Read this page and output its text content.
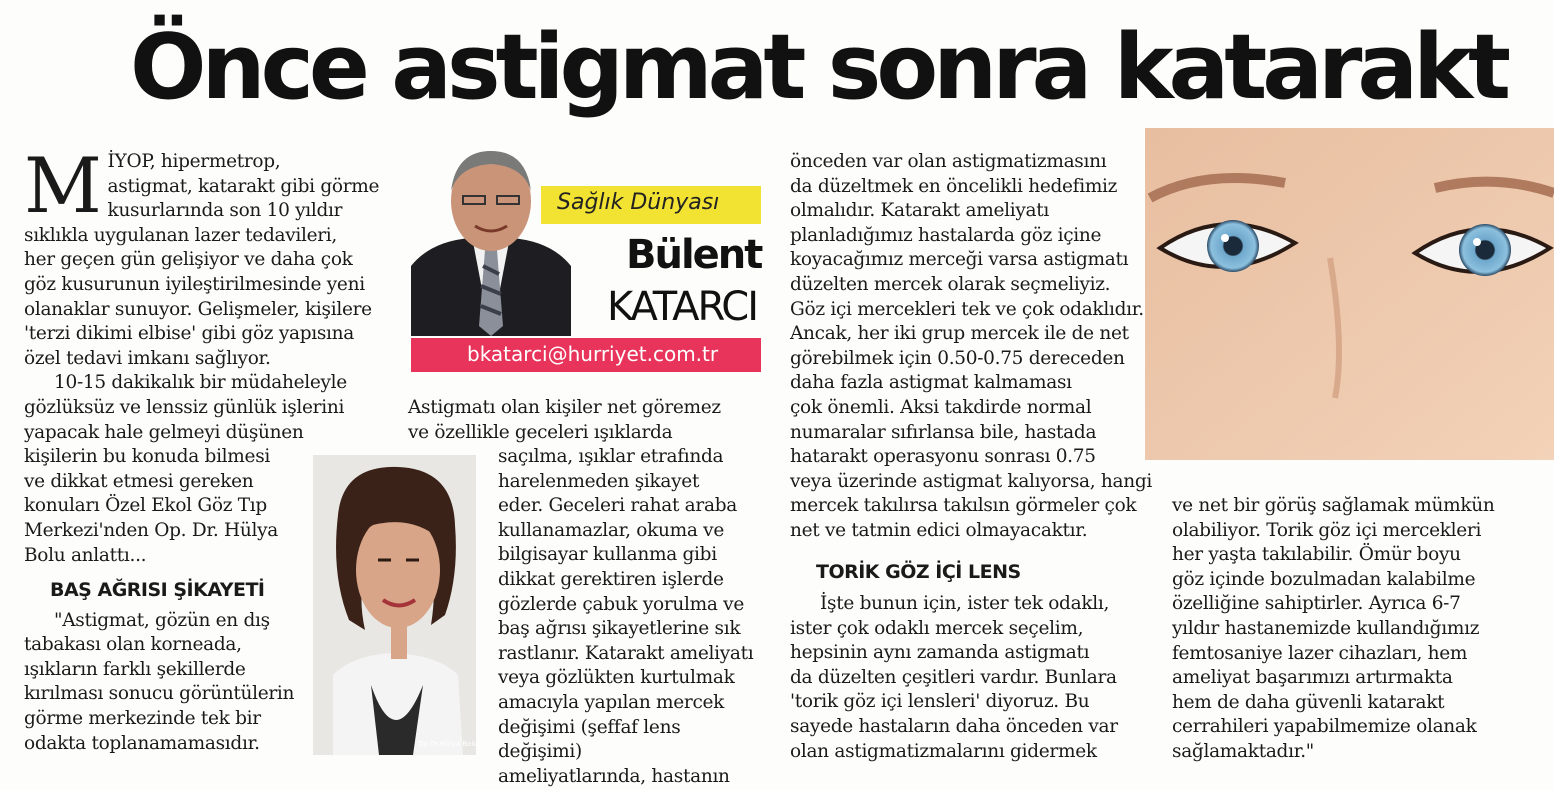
Önce astigmat sonra katarakt
M İYOP, hipermetrop,

astigmat, katarakt gibi görme

kusurlarında son 10 yıldır

sıklıkla uygulanan lazer tedavileri,

her geçen gün gelişiyor ve daha çok

göz kusurunun iyileştirilmesinde yeni

olanaklar sunuyor. Gelişmeler, kişilere

'terzi dikimi elbise' gibi göz yapısına

özel tedavi imkanı sağlıyor.

10-15 dakikalık bir müdaheleyle

gözlüksüz ve lenssiz günlük işlerini

yapacak hale gelmeyi düşünen

kişilerin bu konuda bilmesi

ve dikkat etmesi gereken

konuları Özel Ekol Göz Tıp

Merkezi'nden Op. Dr. Hülya

Bolu anlattı...

BAŞ AĞRISI ŞİKAYETİ

"Astigmat, gözün en dış

tabakası olan korneada,

ışıkların farklı şekillerde

kırılması sonucu görüntülerin

görme merkezinde tek bir

odakta toplanamamasıdır.

Sağlık Dünyası
Bülent
KATARCI
bkatarci@hurriyet.com.tr

Astigmatı olan kişiler net göremez

ve özellikle geceleri ışıklarda

saçılma, ışıklar etrafında

harelenmeden şikayet

eder. Geceleri rahat araba

kullanamazlar, okuma ve

bilgisayar kullanma gibi

dikkat gerektiren işlerde

gözlerde çabuk yorulma ve

baş ağrısı şikayetlerine sık

rastlanır. Katarakt ameliyatı

veya gözlükten kurtulmak

amacıyla yapılan mercek

değişimi (şeffaf lens değişimi)

ameliyatlarında, hastanın

Op.Dr.Hülya Bolu

önceden var olan astigmatizmasını

da düzeltmek en öncelikli hedefimiz

olmalıdır. Katarakt ameliyatı

planladığımız hastalarda göz içine

koyacağımız merceği varsa astigmatı

düzelten mercek olarak seçmeliyiz.

Göz içi mercekleri tek ve çok odaklıdır.

Ancak, her iki grup mercek ile de net

görebilmek için 0.50-0.75 dereceden

daha fazla astigmat kalmaması

çok önemli. Aksi takdirde normal

numaralar sıfırlansa bile, hastada

hatarakt operasyonu sonrası 0.75

veya üzerinde astigmat kalıyorsa, hangi

mercek takılırsa takılsın görmeler çok

net ve tatmin edici olmayacaktır.

TORİK GÖZ İÇİ LENS

İşte bunun için, ister tek odaklı,

ister çok odaklı mercek seçelim,

hepsinin aynı zamanda astigmatı

da düzelten çeşitleri vardır. Bunlara

'torik göz içi lensleri' diyoruz. Bu

sayede hastaların daha önceden var

olan astigmatizmalarını gidermek

ve net bir görüş sağlamak mümkün

olabiliyor. Torik göz içi mercekleri

her yaşta takılabilir. Ömür boyu

göz içinde bozulmadan kalabilme

özelliğine sahiptirler. Ayrıca 6-7

yıldır hastanemizde kullandığımız

femtosaniye lazer cihazları, hem

ameliyat başarımızı artırmakta

hem de daha güvenli katarakt

cerrahileri yapabilmemize olanak

sağlamaktadır."
